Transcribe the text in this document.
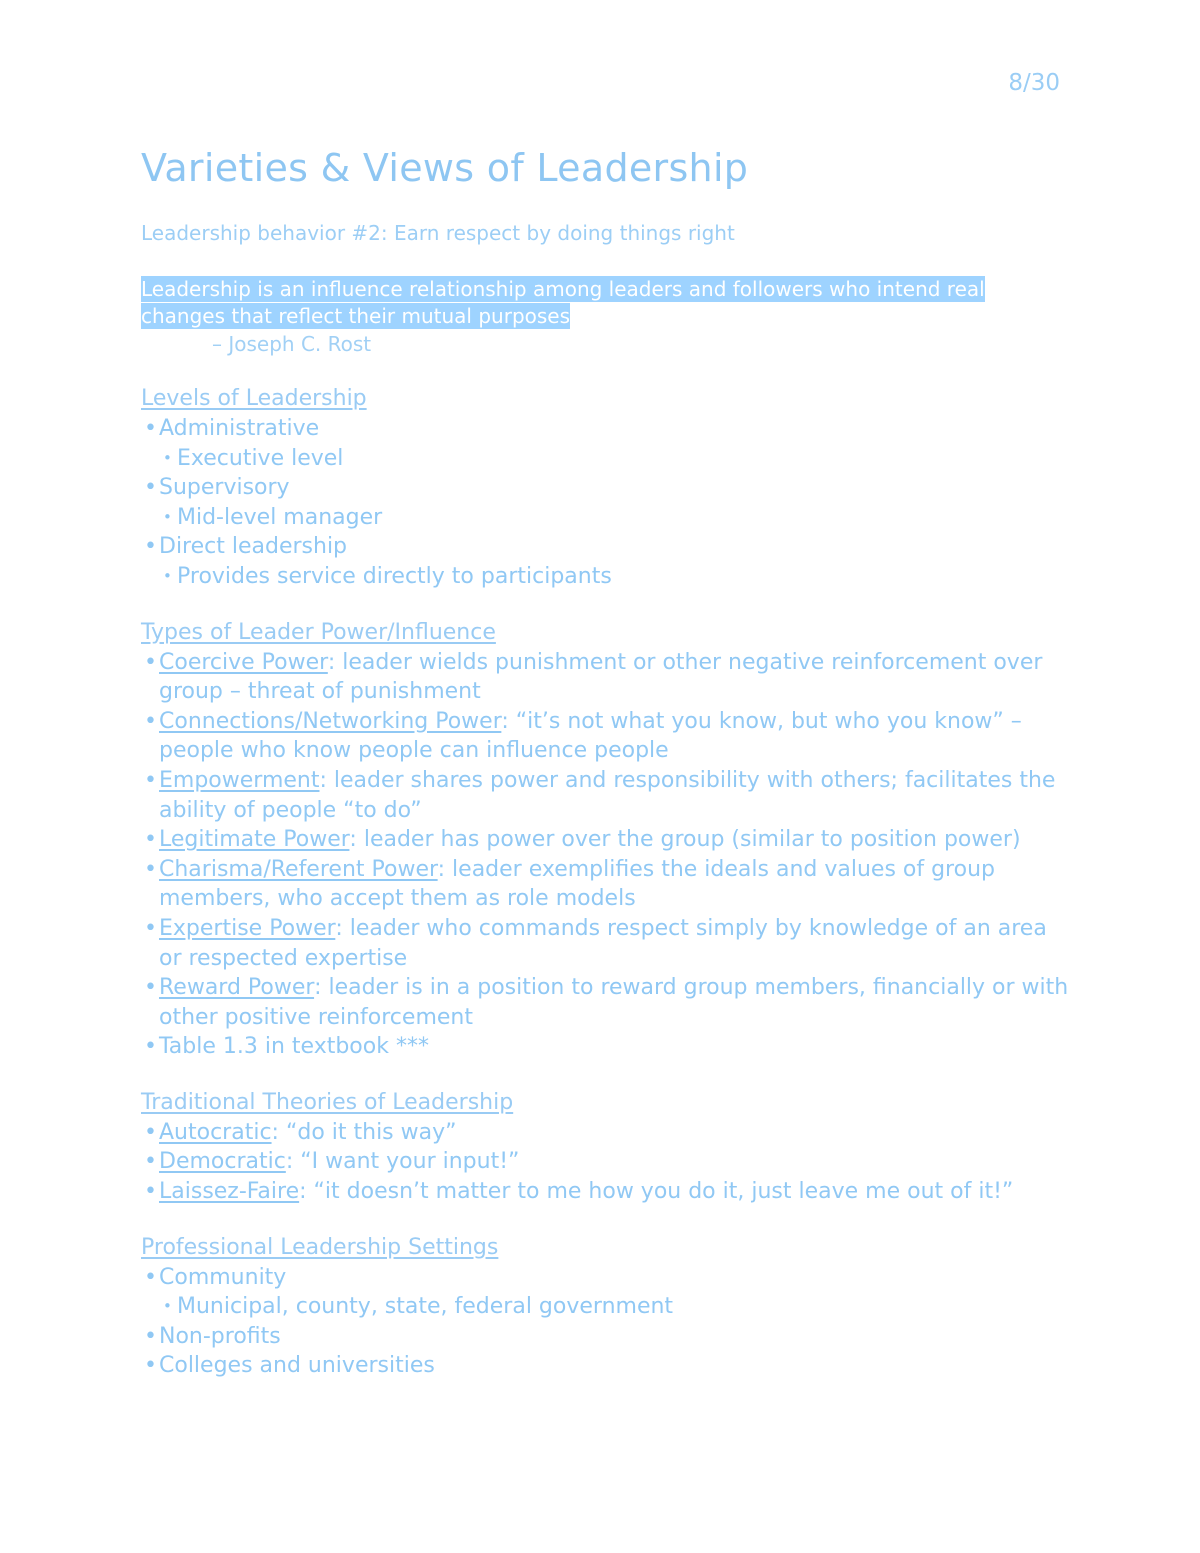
8/30
Varieties & Views of Leadership
Leadership behavior #2: Earn respect by doing things right
Leadership is an influence relationship among leaders and followers who intend real changes that reflect their mutual purposes
– Joseph C. Rost
Levels of Leadership
• Administrative
• Executive level
• Supervisory
• Mid-level manager
• Direct leadership
• Provides service directly to participants
Types of Leader Power/Influence
• Coercive Power: leader wields punishment or other negative reinforcement over group – threat of punishment
• Connections/Networking Power: “it’s not what you know, but who you know” – people who know people can influence people
• Empowerment: leader shares power and responsibility with others; facilitates the ability of people “to do”
• Legitimate Power: leader has power over the group (similar to position power)
• Charisma/Referent Power: leader exemplifies the ideals and values of group members, who accept them as role models
• Expertise Power: leader who commands respect simply by knowledge of an area or respected expertise
• Reward Power: leader is in a position to reward group members, financially or with other positive reinforcement
• Table 1.3 in textbook ***
Traditional Theories of Leadership
• Autocratic: “do it this way”
• Democratic: “I want your input!”
• Laissez-Faire: “it doesn’t matter to me how you do it, just leave me out of it!”
Professional Leadership Settings
• Community
• Municipal, county, state, federal government
• Non-profits
• Colleges and universities
